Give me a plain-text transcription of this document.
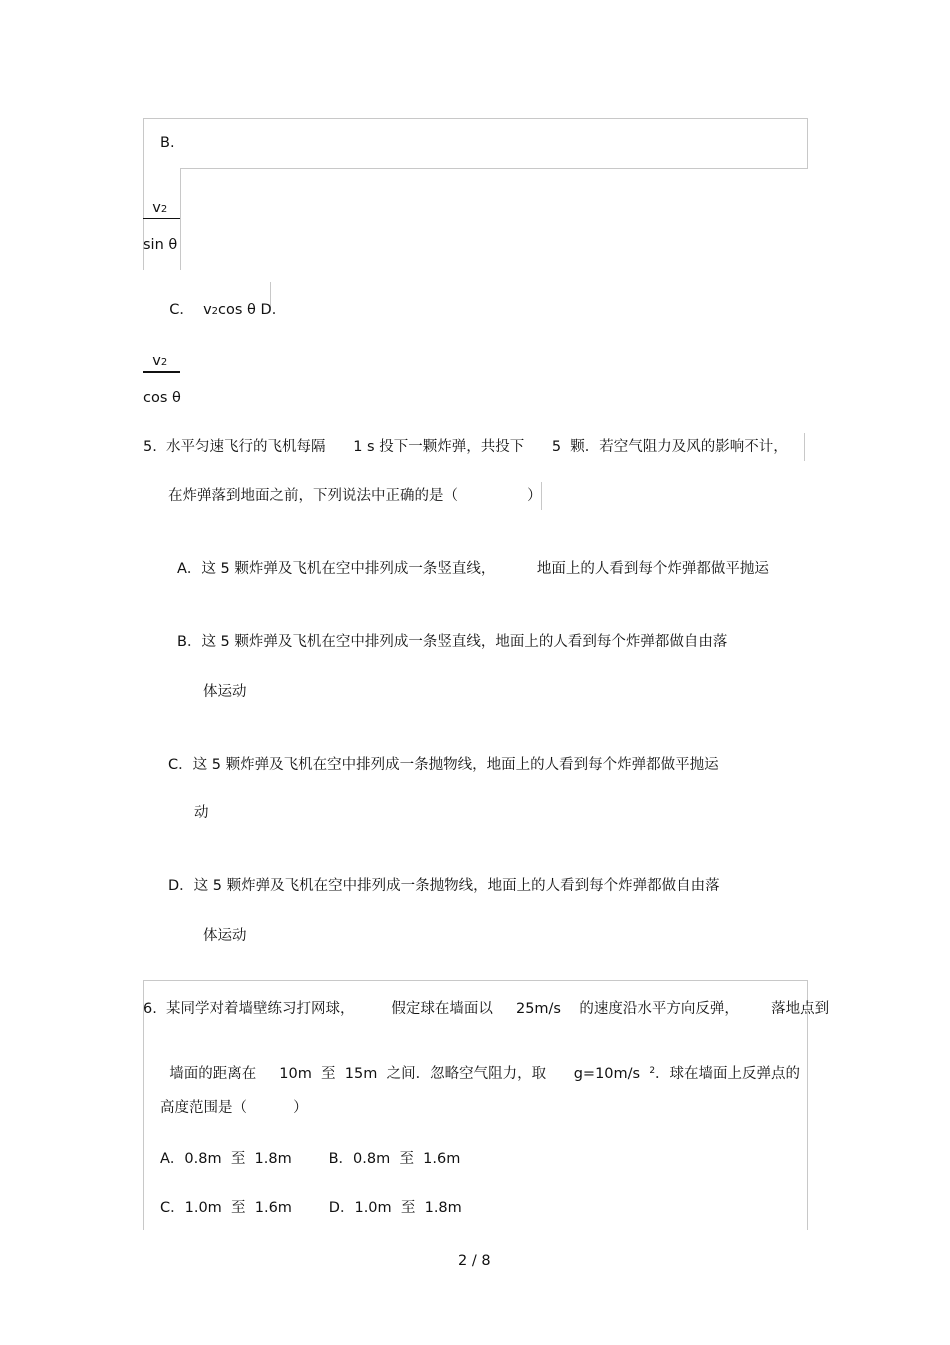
B.

v2

sin θ

C． v2cos θ D．

v2

cos θ
5.  水平匀速飞行的飞机每隔      1 s 投下一颗炸弹，共投下      5  颗．若空气阻力及风的影响不计，
在炸弹落到地面之前，下列说法中正确的是（               ）
A．这 5 颗炸弹及飞机在空中排列成一条竖直线，         地面上的人看到每个炸弹都做平抛运
B．这 5 颗炸弹及飞机在空中排列成一条竖直线，地面上的人看到每个炸弹都做自由落
体运动
C．这 5 颗炸弹及飞机在空中排列成一条抛物线，地面上的人看到每个炸弹都做平抛运
动
D．这 5 颗炸弹及飞机在空中排列成一条抛物线，地面上的人看到每个炸弹都做自由落
体运动
6.  某同学对着墙壁练习打网球，        假定球在墙面以     25m/s    的速度沿水平方向反弹，       落地点到

墙面的距离在     10m  至  15m  之间．忽略空气阻力，取      g=10m/s $^2$．球在墙面上反弹点的

高度范围是（          ）
A．0.8m  至  1.8m        B．0.8m  至  1.6m
C．1.0m  至  1.6m        D．1.0m  至  1.8m
2 / 8
